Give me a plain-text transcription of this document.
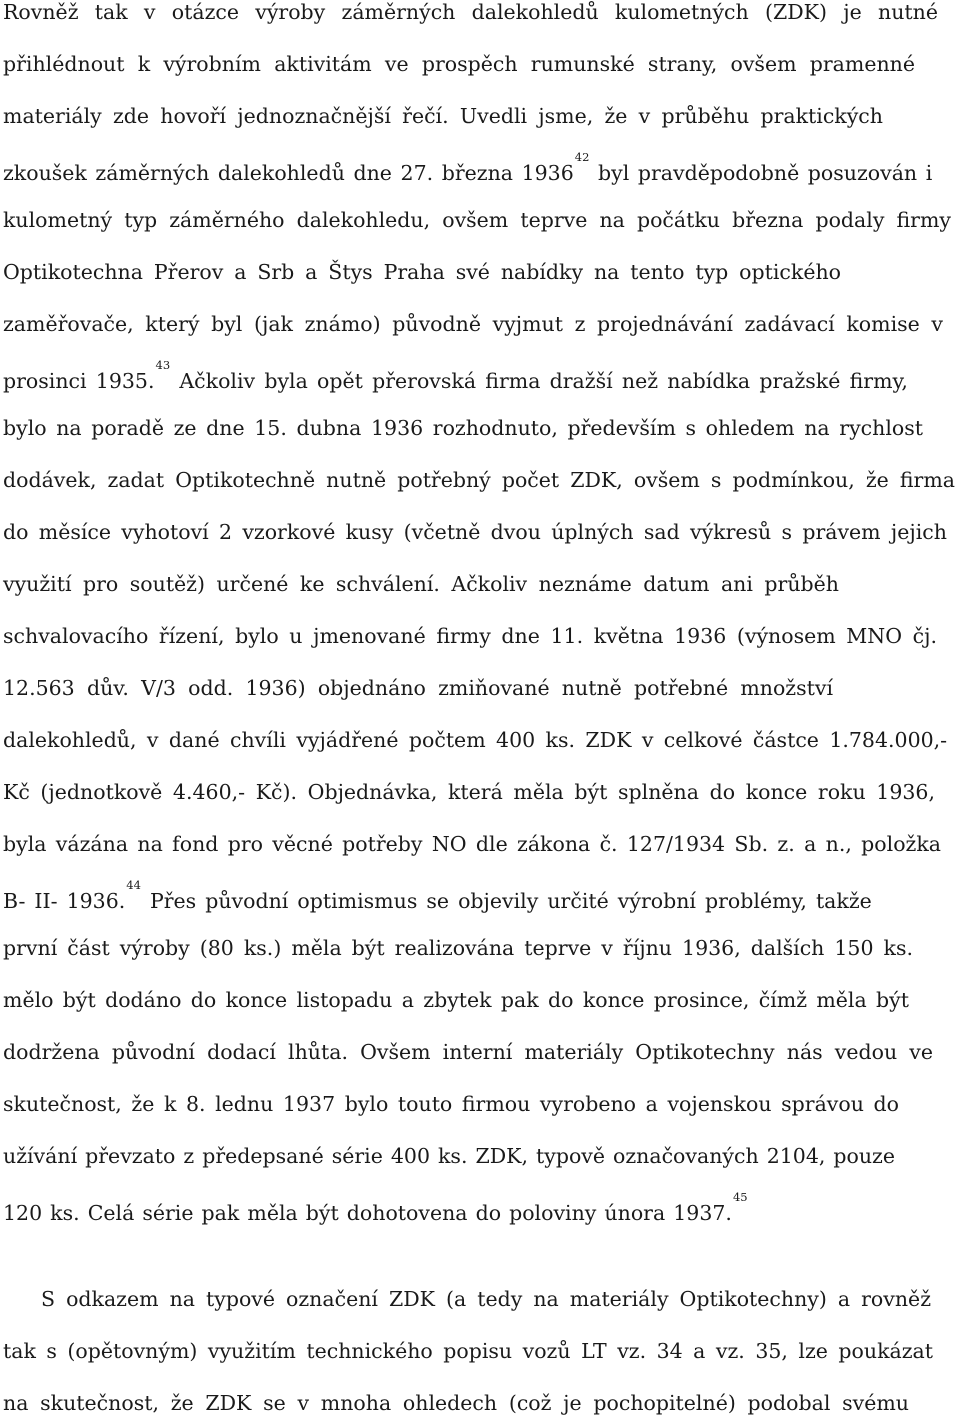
Rovněž tak v otázce výroby záměrných dalekohledů kulometných (ZDK) je nutné
přihlédnout k výrobním aktivitám ve prospěch rumunské strany, ovšem pramenné
materiály zde hovoří jednoznačnější řečí. Uvedli jsme, že v průběhu praktických
zkoušek záměrných dalekohledů dne 27. března 1936$^{42}$ byl pravděpodobně posuzován i
kulometný typ záměrného dalekohledu, ovšem teprve na počátku března podaly firmy
Optikotechna Přerov a Srb a Štys Praha své nabídky na tento typ optického
zaměřovače, který byl (jak známo) původně vyjmut z projednávání zadávací komise v
prosinci 1935.43 Ačkoliv byla opět přerovská firma dražší než nabídka pražské firmy,
bylo na poradě ze dne 15. dubna 1936 rozhodnuto, především s ohledem na rychlost
dodávek, zadat Optikotechně nutně potřebný počet ZDK, ovšem s podmínkou, že firma
do měsíce vyhotoví 2 vzorkové kusy (včetně dvou úplných sad výkresů s právem jejich
využití pro soutěž) určené ke schválení. Ačkoliv neznáme datum ani průběh
schvalovacího řízení, bylo u jmenované firmy dne 11. května 1936 (výnosem MNO čj.
12.563 dův. V/3 odd. 1936) objednáno zmiňované nutně potřebné množství
dalekohledů, v dané chvíli vyjádřené počtem 400 ks. ZDK v celkové částce 1.784.000,-
Kč (jednotkově 4.460,- Kč). Objednávka, která měla být splněna do konce roku 1936,
byla vázána na fond pro věcné potřeby NO dle zákona č. 127/1934 Sb. z. a n., položka
B- II- 1936.44 Přes původní optimismus se objevily určité výrobní problémy, takže
první část výroby (80 ks.) měla být realizována teprve v říjnu 1936, dalších 150 ks.
mělo být dodáno do konce listopadu a zbytek pak do konce prosince, čímž měla být
dodržena původní dodací lhůta. Ovšem interní materiály Optikotechny nás vedou ve
skutečnost, že k 8. lednu 1937 bylo touto firmou vyrobeno a vojenskou správou do
užívání převzato z předepsané série 400 ks. ZDK, typově označovaných 2104, pouze
120 ks. Celá série pak měla být dohotovena do poloviny února 1937.45
S odkazem na typové označení ZDK (a tedy na materiály Optikotechny) a rovněž
tak s (opětovným) využitím technického popisu vozů LT vz. 34 a vz. 35, lze poukázat
na skutečnost, že ZDK se v mnoha ohledech (což je pochopitelné) podobal svému
